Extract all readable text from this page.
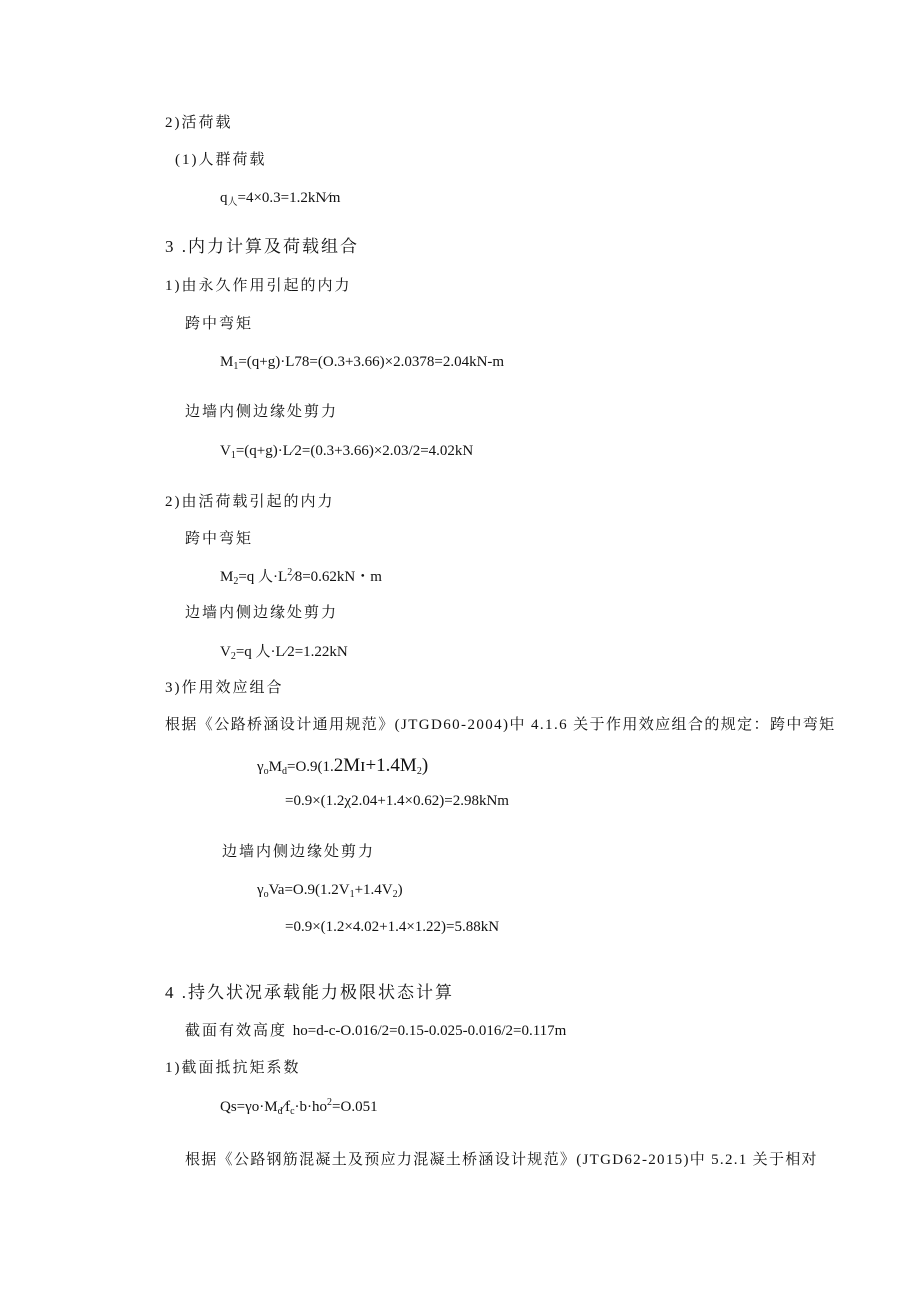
2)活荷载
(1)人群荷载
$q_人=4\times 0.3=1.2kN⁄m$
3 .内力计算及荷载组合
1)由永久作用引起的内力
跨中弯矩
$M_1=(q+g)\cdot L78=(O.3+3.66)\times 2.0378=2.04kN-m$
边墙内侧边缘处剪力
$V_1=(q+g)\cdot L⁄2=(0.3+3.66)\times 2.03/2=4.02kN$
2)由活荷载引起的内力
跨中弯矩
$M_2=q$ 人$\cdot L^2⁄8=0.62kN$・m
边墙内侧边缘处剪力
$V_2=q$ 人·L⁄2=1.22kN
3)作用效应组合
根据《公路桥涵设计通用规范》(JTGD60-2004)中 4.1.6 关于作用效应组合的规定：跨中弯矩
$\gamma_oM_d=O.9(1.2Mɪ+1.4M_2)$
=0.9×(1.2χ2.04+1.4×0.62)=2.98kNm
边墙内侧边缘处剪力
$\gamma_oVa=O.9(1.2V_1+1.4V_2)$
=0.9×(1.2×4.02+1.4×1.22)=5.88kN
4 .持久状况承载能力极限状态计算
截面有效高度 ho=d-c-O.016/2=0.15-0.025-0.016/2=0.117m
1)截面抵抗矩系数
$Qs=\gamma o\cdot M_d⁄f_c\cdot b\cdot ho^2=O.051$
根据《公路钢筋混凝土及预应力混凝土桥涵设计规范》(JTGD62-2015)中 5.2.1 关于相对
